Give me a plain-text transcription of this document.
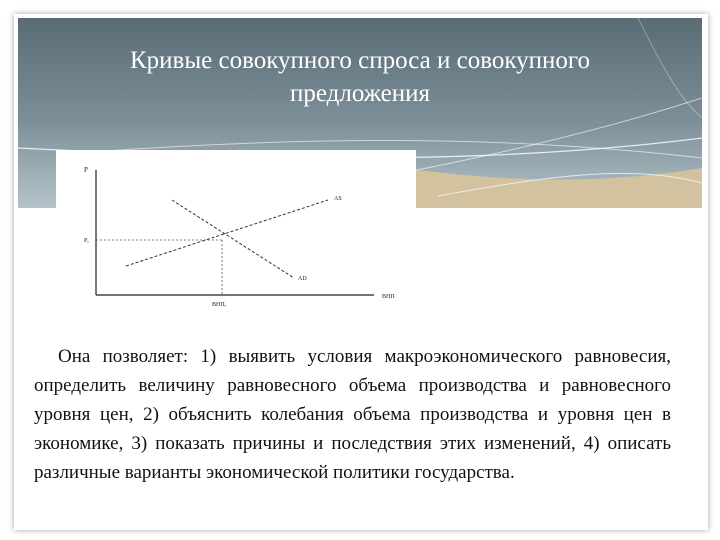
Кривые совокупного спроса и совокупного
предложения
P
ВНП
AS
AD
Pₑ
ВНПₑ
Она позволяет: 1) выявить условия макроэкономического равновесия, определить величину равновесного объема производства и равновесного уровня цен, 2) объяснить колебания объема производства и уровня цен в экономике, 3) показать причины и последствия этих изменений, 4) описать различные варианты экономической политики государства.
